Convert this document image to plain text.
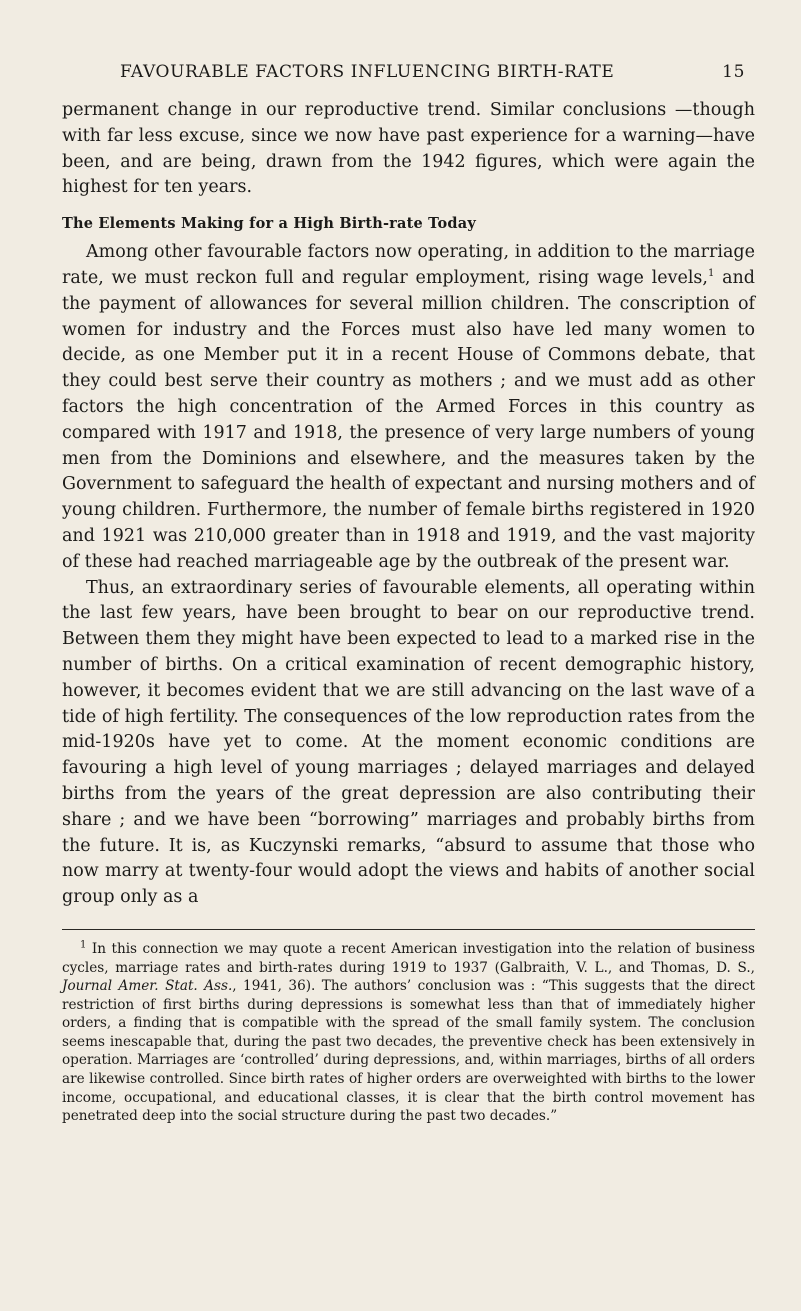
FAVOURABLE FACTORS INFLUENCING BIRTH-RATE	15

permanent change in our reproductive trend. Similar conclusions —though with far less excuse, since we now have past experience for a warning—have been, and are being, drawn from the 1942 figures, which were again the highest for ten years.

The Elements Making for a High Birth-rate Today

Among other favourable factors now operating, in addition to the marriage rate, we must reckon full and regular employment, rising wage levels,$^1$ and the payment of allowances for several million children. The conscription of women for industry and the Forces must also have led many women to decide, as one Member put it in a recent House of Commons debate, that they could best serve their country as mothers ; and we must add as other factors the high concentration of the Armed Forces in this country as compared with 1917 and 1918, the presence of very large numbers of young men from the Dominions and elsewhere, and the measures taken by the Government to safeguard the health of expectant and nursing mothers and of young children. Furthermore, the number of female births registered in 1920 and 1921 was 210,000 greater than in 1918 and 1919, and the vast majority of these had reached marriageable age by the outbreak of the present war.

Thus, an extraordinary series of favourable elements, all operating within the last few years, have been brought to bear on our reproductive trend. Between them they might have been expected to lead to a marked rise in the number of births. On a critical examination of recent demographic history, however, it becomes evident that we are still advancing on the last wave of a tide of high fertility. The consequences of the low reproduction rates from the mid-1920s have yet to come. At the moment economic conditions are favouring a high level of young marriages ; delayed marriages and delayed births from the years of the great depression are also contributing their share ; and we have been “borrowing” marriages and probably births from the future. It is, as Kuczynski remarks, “absurd to assume that those who now marry at twenty-four would adopt the views and habits of another social group only as a

$^1$ In this connection we may quote a recent American investigation into the relation of business cycles, marriage rates and birth-rates during 1919 to 1937 (Galbraith, V. L., and Thomas, D. S., Journal Amer. Stat. Ass., 1941, 36). The authors’ conclusion was : “This suggests that the direct restriction of first births during depressions is somewhat less than that of immediately higher orders, a finding that is compatible with the spread of the small family system. The conclusion seems inescapable that, during the past two decades, the preventive check has been extensively in operation. Marriages are ‘controlled’ during depressions, and, within marriages, births of all orders are likewise controlled. Since birth rates of higher orders are overweighted with births to the lower income, occupational, and educational classes, it is clear that the birth control movement has penetrated deep into the social structure during the past two decades.”
